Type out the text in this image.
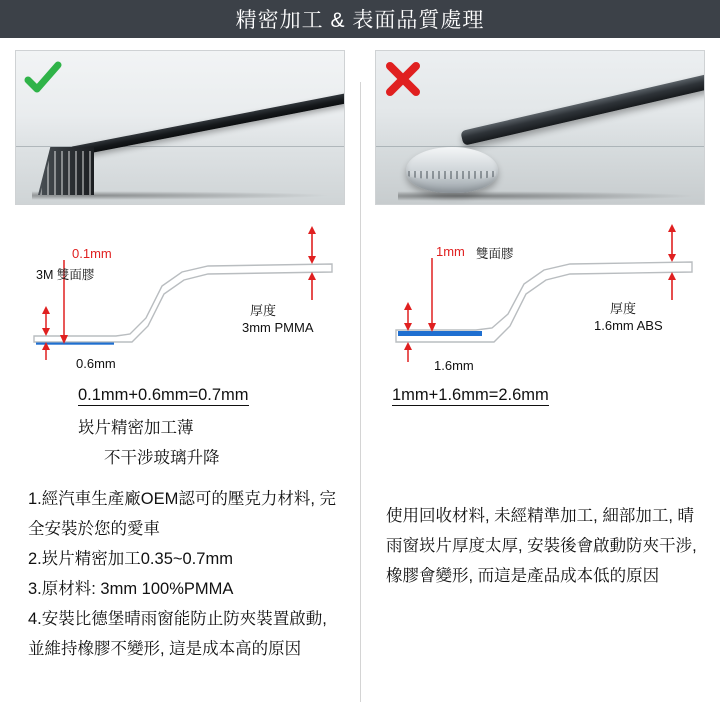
精密加工 & 表面品質處理
0.1mm
3M 雙面膠
0.6mm
厚度
3mm PMMA
0.1mm+0.6mm=0.7mm
崁片精密加工薄
不干涉玻璃升降

1.經汽車生產廠OEM認可的壓克力材料, 完全安裝於您的愛車

2.崁片精密加工0.35~0.7mm

3.原材料: 3mm 100%PMMA

4.安裝比德堡晴雨窗能防止防夾裝置啟動, 並維持橡膠不變形, 這是成本高的原因

1mm 雙面膠
1.6mm
厚度
1.6mm ABS
1mm+1.6mm=2.6mm

使用回收材料, 未經精準加工, 細部加工, 晴雨窗崁片厚度太厚, 安裝後會啟動防夾干涉, 橡膠會變形, 而這是產品成本低的原因
